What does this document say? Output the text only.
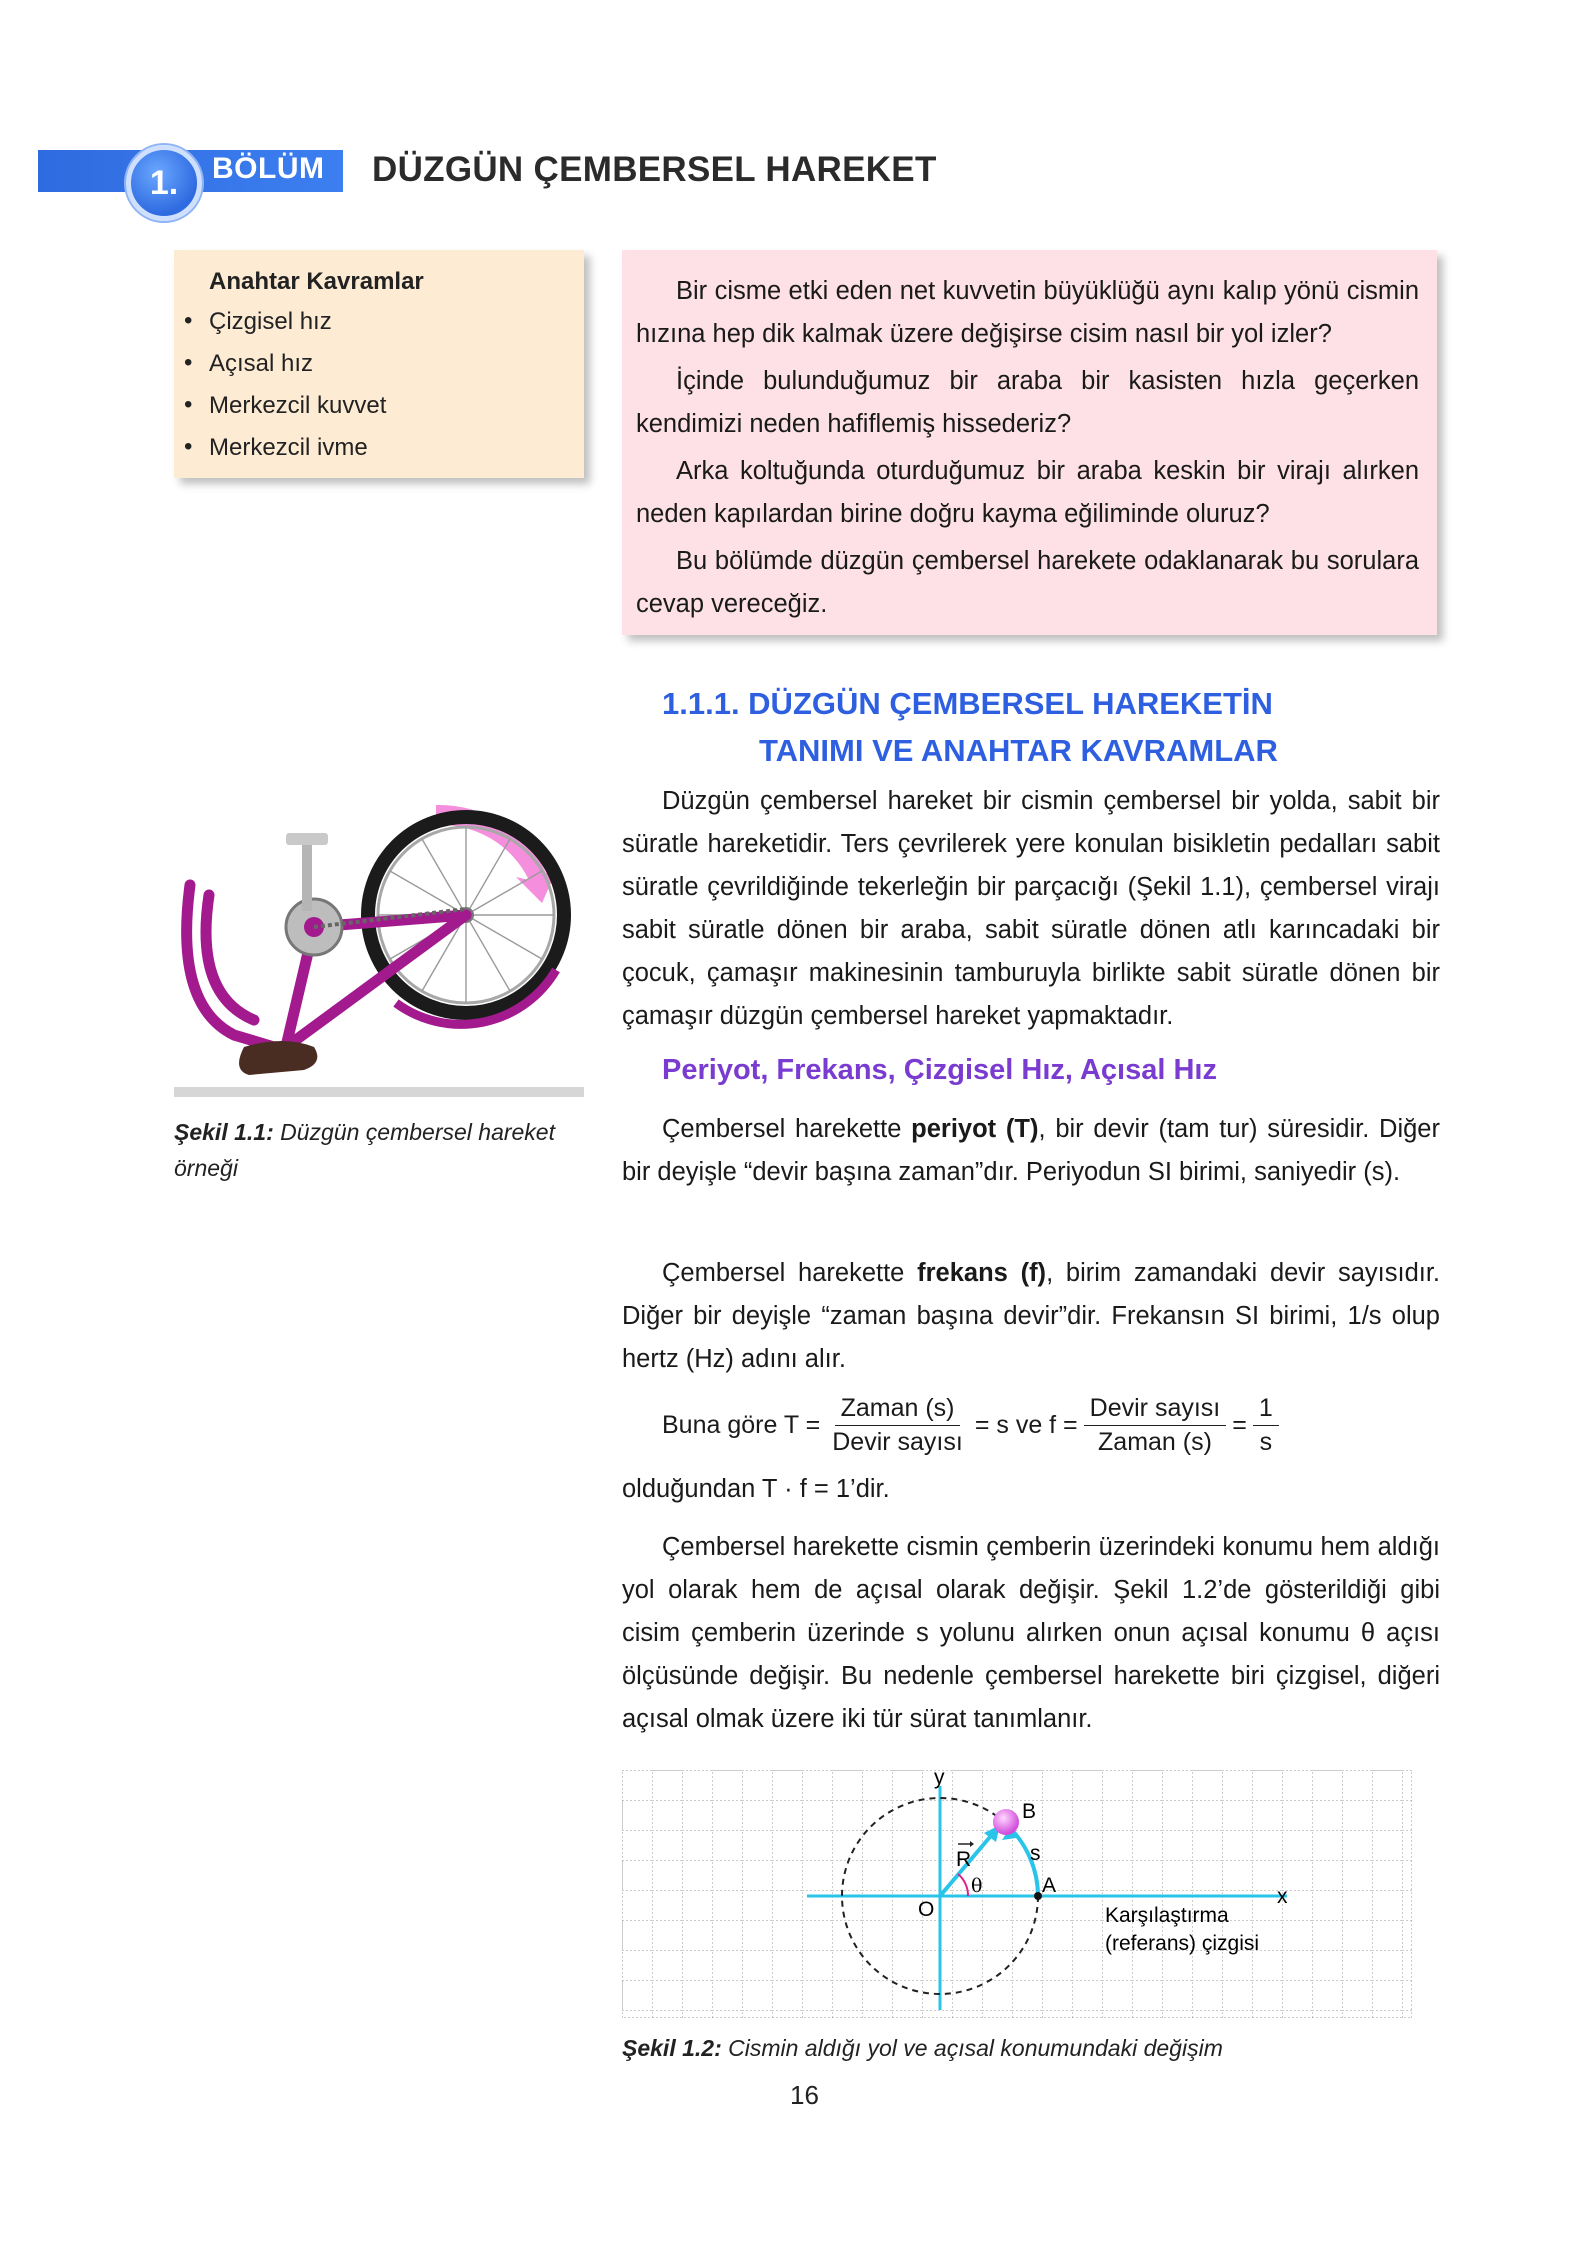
1. BÖLÜM DÜZGÜN ÇEMBERSEL HAREKET
Anahtar Kavramlar
• Çizgisel hız
• Açısal hız
• Merkezcil kuvvet
• Merkezcil ivme

Bir cisme etki eden net kuvvetin büyüklüğü aynı kalıp yönü cismin hızına hep dik kalmak üzere değişirse cisim nasıl bir yol izler?

İçinde bulunduğumuz bir araba bir kasisten hızla geçerken kendimizi neden hafiflemiş hissederiz?

Arka koltuğunda oturduğumuz bir araba keskin bir virajı alırken neden kapılardan birine doğru kayma eğiliminde oluruz?

Bu bölümde düzgün çembersel harekete odaklanarak bu sorulara cevap vereceğiz.

1.1.1. DÜZGÜN ÇEMBERSEL HAREKETİN
TANIMI VE ANAHTAR KAVRAMLAR

Düzgün çembersel hareket bir cismin çembersel bir yolda, sabit bir süratle hareketidir. Ters çevrilerek yere konulan bisikletin pedalları sabit süratle çevrildiğinde tekerleğin bir parçacığı (Şekil 1.1), çembersel virajı sabit süratle dönen bir araba, sabit süratle dönen atlı karıncadaki bir çocuk, çamaşır makinesinin tamburuyla birlikte sabit süratle dönen bir çamaşır düzgün çembersel hareket yapmaktadır.

Şekil 1.1: Düzgün çembersel hareket örneği
Periyot, Frekans, Çizgisel Hız, Açısal Hız

Çembersel harekette periyot (T), bir devir (tam tur) süresidir. Diğer bir deyişle “devir başına zaman”dır. Periyodun SI birimi, saniyedir (s).

Çembersel harekette frekans (f), birim zamandaki devir sayısıdır. Diğer bir deyişle “zaman başına devir”dir. Frekansın SI birimi, 1/s olup hertz (Hz) adını alır.

Buna göre $T = \frac{\text{Zaman (s)}}{\text{Devir sayısı}} = s$ ve $f = \frac{\text{Devir sayısı}}{\text{Zaman (s)}} = \frac{1}{s}$

olduğundan T · f = 1’dir.

Çembersel harekette cismin çemberin üzerindeki konumu hem aldığı yol olarak hem de açısal olarak değişir. Şekil 1.2’de gösterildiği gibi cisim çemberin üzerinde s yolunu alırken onun açısal konumu θ açısı ölçüsünde değişir. Bu nedenle çembersel harekette biri çizgisel, diğeri açısal olmak üzere iki tür sürat tanımlanır.

y
x
O
A
B
s
R
θ
Karşılaştırma
(referans) çizgisi
Şekil 1.2: Cismin aldığı yol ve açısal konumundaki değişim
16
